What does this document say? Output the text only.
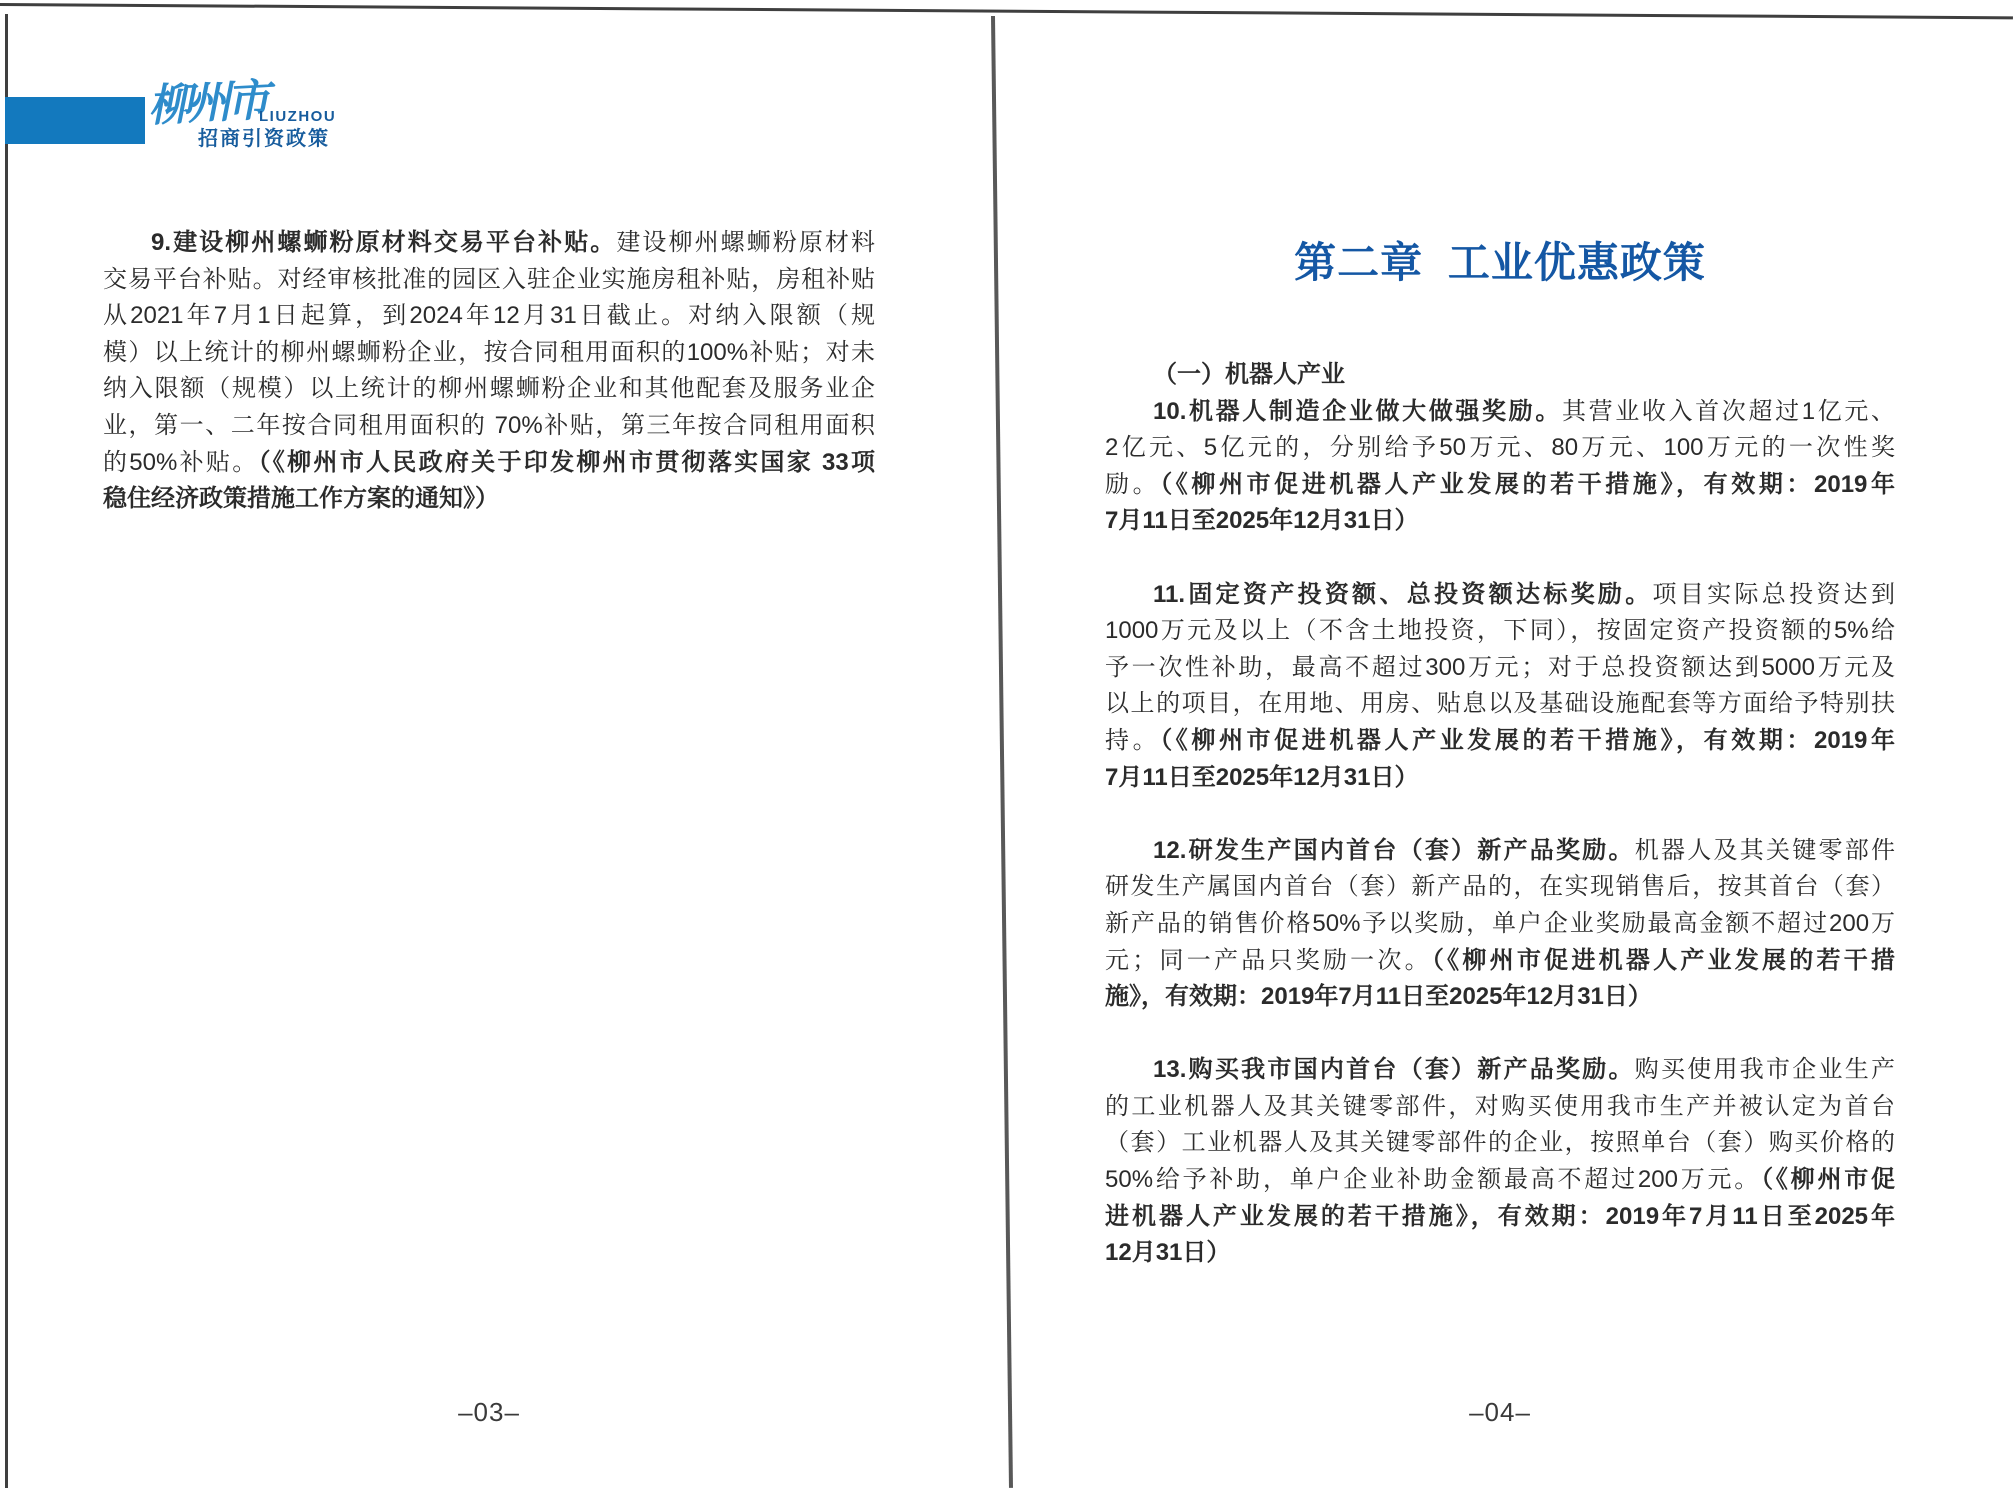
柳州市
LIUZHOU
招商引资政策
9.建设柳州螺蛳粉原材料交易平台补贴。建设柳州螺蛳粉原材料
交易平台补贴。对经审核批准的园区入驻企业实施房租补贴，房租补贴
从2021年7月1日起算，到2024年12月31日截止。对纳入限额（规
模）以上统计的柳州螺蛳粉企业，按合同租用面积的100%补贴；对未
纳入限额（规模）以上统计的柳州螺蛳粉企业和其他配套及服务业企
业，第一、二年按合同租用面积的 70%补贴，第三年按合同租用面积
的50%补贴。（《柳州市人民政府关于印发柳州市贯彻落实国家 33项
稳住经济政策措施工作方案的通知》）
–03–
第二章 工业优惠政策
（一）机器人产业
10.机器人制造企业做大做强奖励。其营业收入首次超过1亿元、
2亿元、5亿元的，分别给予50万元、80万元、100万元的一次性奖
励。（《柳州市促进机器人产业发展的若干措施》，有效期：2019年
7月11日至2025年12月31日）
11.固定资产投资额、总投资额达标奖励。项目实际总投资达到
1000万元及以上（不含土地投资，下同），按固定资产投资额的5%给
予一次性补助，最高不超过300万元；对于总投资额达到5000万元及
以上的项目，在用地、用房、贴息以及基础设施配套等方面给予特别扶
持。（《柳州市促进机器人产业发展的若干措施》，有效期：2019年
7月11日至2025年12月31日）
12.研发生产国内首台（套）新产品奖励。机器人及其关键零部件
研发生产属国内首台（套）新产品的，在实现销售后，按其首台（套）
新产品的销售价格50%予以奖励，单户企业奖励最高金额不超过200万
元；同一产品只奖励一次。（《柳州市促进机器人产业发展的若干措
施》，有效期：2019年7月11日至2025年12月31日）
13.购买我市国内首台（套）新产品奖励。购买使用我市企业生产
的工业机器人及其关键零部件，对购买使用我市生产并被认定为首台
（套）工业机器人及其关键零部件的企业，按照单台（套）购买价格的
50%给予补助，单户企业补助金额最高不超过200万元。（《柳州市促
进机器人产业发展的若干措施》，有效期：2019年7月11日至2025年
12月31日）
–04–
